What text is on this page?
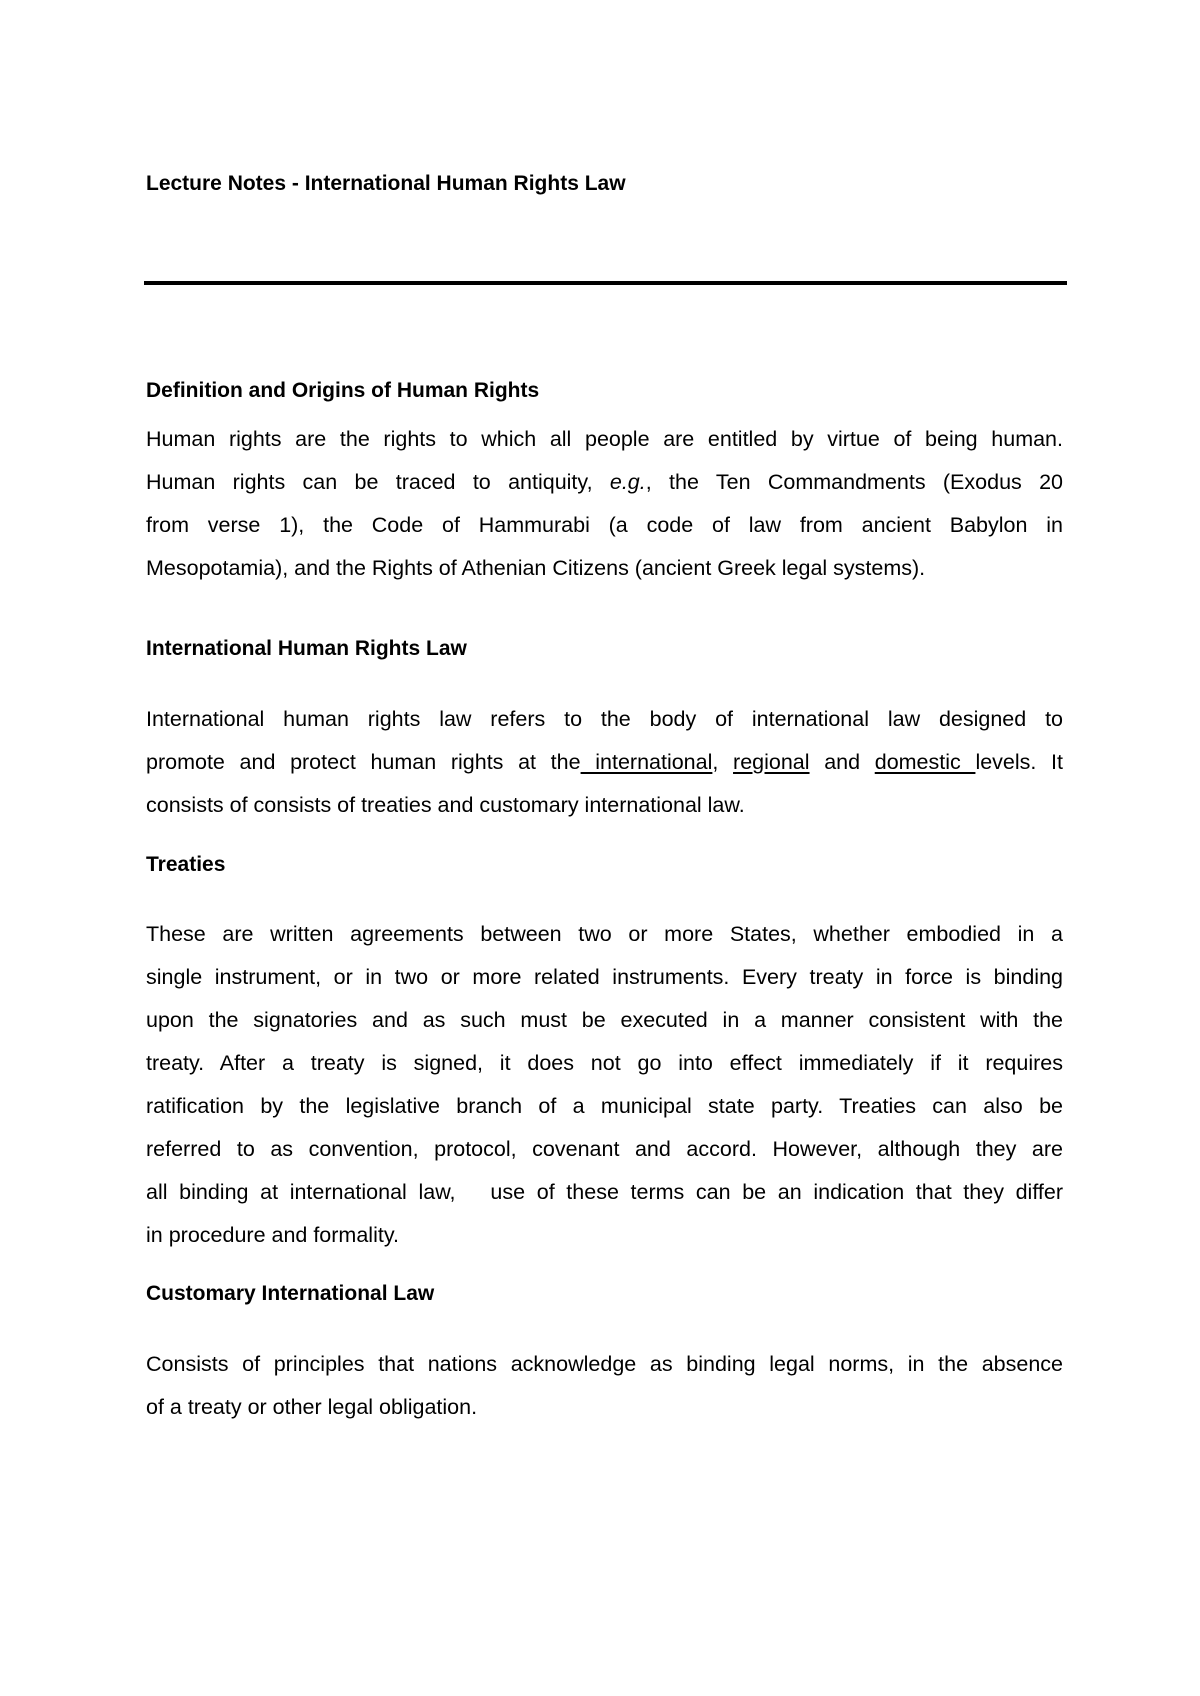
Lecture Notes - International Human Rights Law
Definition and Origins of Human Rights
Human rights are the rights to which all people are entitled by virtue of being human.
Human rights can be traced to antiquity, e.g., the Ten Commandments (Exodus 20
from verse 1), the Code of Hammurabi (a code of law from ancient Babylon in
Mesopotamia), and the Rights of Athenian Citizens (ancient Greek legal systems).
International Human Rights Law
International human rights law refers to the body of international law designed to
promote and protect human rights at the international, regional and domestic levels. It
consists of consists of treaties and customary international law.
Treaties
These are written agreements between two or more States, whether embodied in a
single instrument, or in two or more related instruments. Every treaty in force is binding
upon the signatories and as such must be executed in a manner consistent with the
treaty. After a treaty is signed, it does not go into effect immediately if it requires
ratification by the legislative branch of a municipal state party. Treaties can also be
referred to as convention, protocol, covenant and accord. However, although they are
all binding at international law,   use of these terms can be an indication that they differ
in procedure and formality.
Customary International Law
Consists of principles that nations acknowledge as binding legal norms, in the absence
of a treaty or other legal obligation.
